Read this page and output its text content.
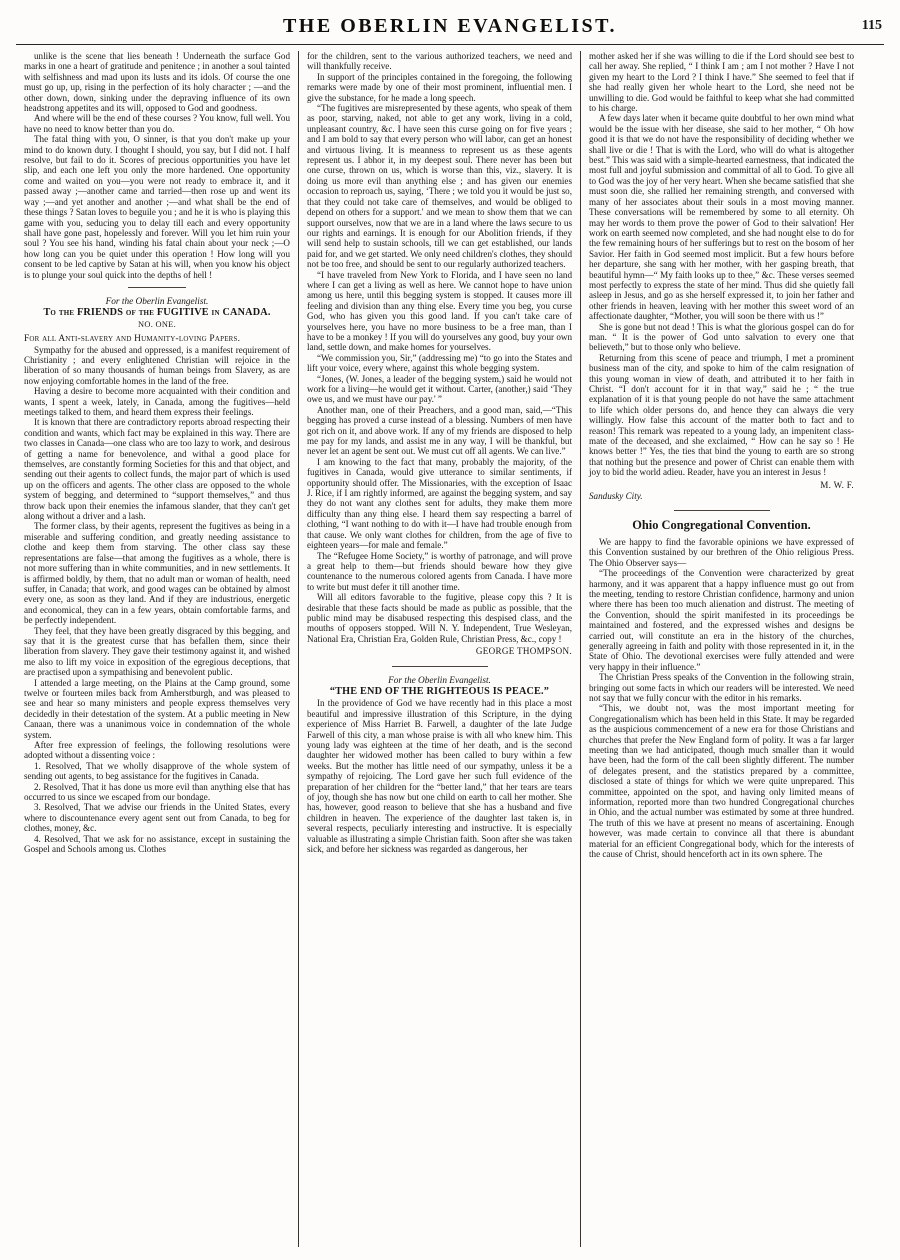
THE OBERLIN EVANGELIST.	115

unlike is the scene that lies beneath ! Underneath the surface God marks in one a heart of gratitude and penitence ; in another a soul tainted with selfishness and mad upon its lusts and its idols. Of course the one must go up, up, rising in the perfection of its holy character ; —and the other down, down, sinking under the depraving influence of its own headstrong appetites and its will, opposed to God and goodness.

And where will be the end of these courses ? You know, full well. You have no need to know better than you do.

The fatal thing with you, O sinner, is that you don't make up your mind to do known duty. I thought I should, you say, but I did not. I half resolve, but fail to do it. Scores of precious opportunities you have let slip, and each one left you only the more hardened. One opportunity come and waited on you—you were not ready to embrace it, and it passed away ;—another came and tarried—then rose up and went its way ;—and yet another and another ;—and what shall be the end of these things ? Satan loves to beguile you ; and he it is who is playing this game with you, seducing you to delay till each and every opportunity shall have gone past, hopelessly and forever. Will you let him ruin your soul ? You see his hand, winding his fatal chain about your neck ;—O how long can you be quiet under this operation ! How long will you consent to be led captive by Satan at his will, when you know his object is to plunge your soul quick into the depths of hell !

For the Oberlin Evangelist.
To the FRIENDS of the FUGITIVE in CANADA.
NO. ONE.

For all Anti-slavery and Humanity-loving Papers.

Sympathy for the abused and oppressed, is a manifest requirement of Christianity ; and every enlightened Christian will rejoice in the liberation of so many thousands of human beings from Slavery, as are now enjoying comfortable homes in the land of the free.

Having a desire to become more acquainted with their condition and wants, I spent a week, lately, in Canada, among the fugitives—held meetings talked to them, and heard them express their feelings.

It is known that there are contradictory reports abroad respecting their condition and wants, which fact may be explained in this way. There are two classes in Canada—one class who are too lazy to work, and desirous of getting a name for benevolence, and withal a good place for themselves, are constantly forming Societies for this and that object, and sending out their agents to collect funds, the major part of which is used up on the officers and agents. The other class are opposed to the whole system of begging, and determined to “support themselves,” and thus throw back upon their enemies the infamous slander, that they can't get along without a driver and a lash.

The former class, by their agents, represent the fugitives as being in a miserable and suffering condition, and greatly needing assistance to clothe and keep them from starving. The other class say these representations are false—that among the fugitives as a whole, there is not more suffering than in white communities, and in new settlements. It is affirmed boldly, by them, that no adult man or woman of health, need suffer, in Canada; that work, and good wages can be obtained by almost every one, as soon as they land. And if they are industrious, energetic and economical, they can in a few years, obtain comfortable farms, and be perfectly independent.

They feel, that they have been greatly disgraced by this begging, and say that it is the greatest curse that has befallen them, since their liberation from slavery. They gave their testimony against it, and wished me also to lift my voice in exposition of the egregious deceptions, that are practised upon a sympathising and benevolent public.

I attended a large meeting, on the Plains at the Camp ground, some twelve or fourteen miles back from Amherstburgh, and was pleased to see and hear so many ministers and people express themselves very decidedly in their detestation of the system. At a public meeting in New Canaan, there was a unanimous voice in condemnation of the whole system.

After free expression of feelings, the following resolutions were adopted without a dissenting voice :

1. Resolved, That we wholly disapprove of the whole system of sending out agents, to beg assistance for the fugitives in Canada.

2. Resolved, That it has done us more evil than anything else that has occurred to us since we escaped from our bondage.

3. Resolved, That we advise our friends in the United States, every where to discountenance every agent sent out from Canada, to beg for clothes, money, &c.

4. Resolved, That we ask for no assistance, except in sustaining the Gospel and Schools among us. Clothes

for the children, sent to the various authorized teachers, we need and will thankfully receive.

In support of the principles contained in the foregoing, the following remarks were made by one of their most prominent, influential men. I give the substance, for he made a long speech.

“The fugitives are misrepresented by these agents, who speak of them as poor, starving, naked, not able to get any work, living in a cold, unpleasant country, &c. I have seen this curse going on for five years ; and I am bold to say that every person who will labor, can get an honest and virtuous living. It is meanness to represent us as these agents represent us. I abhor it, in my deepest soul. There never has been but one curse, thrown on us, which is worse than this, viz., slavery. It is doing us more evil than anything else ; and has given our enemies occasion to reproach us, saying, ‘There ; we told you it would be just so, that they could not take care of themselves, and would be obliged to depend on others for a support.' and we mean to show them that we can support ourselves, now that we are in a land where the laws secure to us our rights and earnings. It is enough for our Abolition friends, if they will send help to sustain schools, till we can get established, our lands paid for, and we get started. We only need children's clothes, they should not be too free, and should be sent to our regularly authorized teachers.

“I have traveled from New York to Florida, and I have seen no land where I can get a living as well as here. We cannot hope to have union among us here, until this begging system is stopped. It causes more ill feeling and division than any thing else. Every time you beg, you curse God, who has given you this good land. If you can't take care of yourselves here, you have no more business to be a free man, than I have to be a monkey ! If you will do yourselves any good, buy your own land, settle down, and make homes for yourselves.

“We commission you, Sir,” (addressing me) “to go into the States and lift your voice, every where, against this whole begging system.

“Jones, (W. Jones, a leader of the begging system,) said he would not work for a living—he would get it without. Carter, (another,) said ‘They owe us, and we must have our pay.' ”

Another man, one of their Preachers, and a good man, said,—“This begging has proved a curse instead of a blessing. Numbers of men have got rich on it, and above work. If any of my friends are disposed to help me pay for my lands, and assist me in any way, I will be thankful, but never let an agent be sent out. We must cut off all agents. We can live.”

I am knowing to the fact that many, probably the majority, of the fugitives in Canada, would give utterance to similar sentiments, if opportunity should offer. The Missionaries, with the exception of Isaac J. Rice, if I am rightly informed, are against the begging system, and say they do not want any clothes sent for adults, they make them more difficulty than any thing else. I heard them say respecting a barrel of clothing, “I want nothing to do with it—I have had trouble enough from that cause. We only want clothes for children, from the age of five to eighteen years—for male and female.”

The “Refugee Home Society,” is worthy of patronage, and will prove a great help to them—but friends should beware how they give countenance to the numerous colored agents from Canada. I have more to write but must defer it till another time.

Will all editors favorable to the fugitive, please copy this ? It is desirable that these facts should be made as public as possible, that the public mind may be disabused respecting this despised class, and the mouths of opposers stopped. Will N. Y. Independent, True Wesleyan, National Era, Christian Era, Golden Rule, Christian Press, &c., copy !

GEORGE THOMPSON.
For the Oberlin Evangelist.
“THE END OF THE RIGHTEOUS IS PEACE.”

In the providence of God we have recently had in this place a most beautiful and impressive illustration of this Scripture, in the dying experience of Miss Harriet B. Farwell, a daughter of the late Judge Farwell of this city, a man whose praise is with all who knew him. This young lady was eighteen at the time of her death, and is the second daughter her widowed mother has been called to bury within a few weeks. But the mother has little need of our sympathy, unless it be a sympathy of rejoicing. The Lord gave her such full evidence of the preparation of her children for the “better land,” that her tears are tears of joy, though she has now but one child on earth to call her mother. She has, however, good reason to believe that she has a husband and five children in heaven. The experience of the daughter last taken is, in several respects, peculiarly interesting and instructive. It is especially valuable as illustrating a simple Christian faith. Soon after she was taken sick, and before her sickness was regarded as dangerous, her

mother asked her if she was willing to die if the Lord should see best to call her away. She replied, “ I think I am ; am I not mother ? Have I not given my heart to the Lord ? I think I have.” She seemed to feel that if she had really given her whole heart to the Lord, she need not be unwilling to die. God would be faithful to keep what she had committed to his charge.

A few days later when it became quite doubtful to her own mind what would be the issue with her disease, she said to her mother, “ Oh how good it is that we do not have the responsibility of deciding whether we shall live or die ! That is with the Lord, who will do what is altogether best.” This was said with a simple-hearted earnestness, that indicated the most full and joyful submission and committal of all to God. To give all to God was the joy of her very heart. When she became satisfied that she must soon die, she rallied her remaining strength, and conversed with many of her associates about their souls in a most moving manner. These conversations will be remembered by some to all eternity. Oh may her words to them prove the power of God to their salvation! Her work on earth seemed now completed, and she had nought else to do for the few remaining hours of her sufferings but to rest on the bosom of her Savior. Her faith in God seemed most implicit. But a few hours before her departure, she sang with her mother, with her gasping breath, that beautiful hymn—“ My faith looks up to thee,” &c. These verses seemed most perfectly to express the state of her mind. Thus did she quietly fall asleep in Jesus, and go as she herself expressed it, to join her father and other friends in heaven, leaving with her mother this sweet word of an affectionate daughter, “Mother, you will soon be there with us !”

She is gone but not dead ! This is what the glorious gospel can do for man. “ It is the power of God unto salvation to every one that believeth,” but to those only who believe.

Returning from this scene of peace and triumph, I met a prominent business man of the city, and spoke to him of the calm resignation of this young woman in view of death, and attributed it to her faith in Christ. “I don't account for it in that way,” said he ; “ the true explanation of it is that young people do not have the same attachment to life which older persons do, and hence they can always die very willingly. How false this account of the matter both to fact and to reason! This remark was repeated to a young lady, an impenitent class-mate of the deceased, and she exclaimed, “ How can he say so ! He knows better !” Yes, the ties that bind the young to earth are so strong that nothing but the presence and power of Christ can enable them with joy to bid the world adieu. Reader, have you an interest in Jesus !

M. W. F.
Sandusky City.
Ohio Congregational Convention.

We are happy to find the favorable opinions we have expressed of this Convention sustained by our brethren of the Ohio religious Press. The Ohio Observer says—

“The proceedings of the Convention were characterized by great harmony, and it was apparent that a happy influence must go out from the meeting, tending to restore Christian confidence, harmony and union where there has been too much alienation and distrust. The meeting of the Convention, should the spirit manifested in its proceedings be maintained and fostered, and the expressed wishes and designs be carried out, will constitute an era in the history of the churches, generally agreeing in faith and polity with those represented in it, in the State of Ohio. The devotional exercises were fully attended and were very happy in their influence.”

The Christian Press speaks of the Convention in the following strain, bringing out some facts in which our readers will be interested. We need not say that we fully concur with the editor in his remarks.

“This, we doubt not, was the most important meeting for Congregationalism which has been held in this State. It may be regarded as the auspicious commencement of a new era for those Christians and churches that prefer the New England form of polity. It was a far larger meeting than we had anticipated, though much smaller than it would have been, had the form of the call been slightly different. The number of delegates present, and the statistics prepared by a committee, disclosed a state of things for which we were quite unprepared. This committee, appointed on the spot, and having only limited means of information, reported more than two hundred Congregational churches in Ohio, and the actual number was estimated by some at three hundred. The truth of this we have at present no means of ascertaining. Enough however, was made certain to convince all that there is abundant material for an efficient Congregational body, which for the interests of the cause of Christ, should henceforth act in its own sphere. The
